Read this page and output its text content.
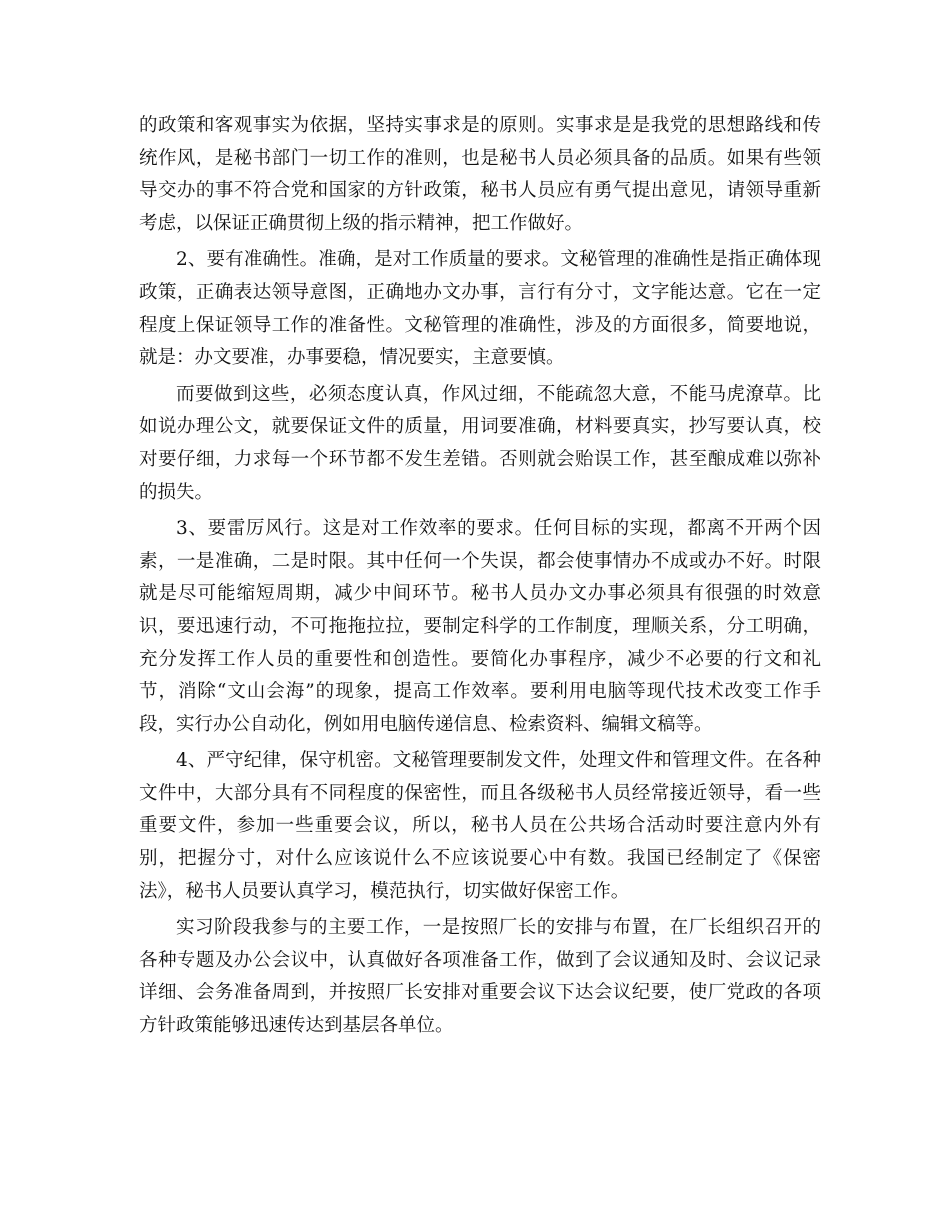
的政策和客观事实为依据，坚持实事求是的原则。实事求是是我党的思想路线和传统作风，是秘书部门一切工作的准则，也是秘书人员必须具备的品质。如果有些领导交办的事不符合党和国家的方针政策，秘书人员应有勇气提出意见，请领导重新考虑，以保证正确贯彻上级的指示精神，把工作做好。

2、要有准确性。准确，是对工作质量的要求。文秘管理的准确性是指正确体现政策，正确表达领导意图，正确地办文办事，言行有分寸，文字能达意。它在一定程度上保证领导工作的准备性。文秘管理的准确性，涉及的方面很多，简要地说，就是：办文要准，办事要稳，情况要实，主意要慎。

而要做到这些，必须态度认真，作风过细，不能疏忽大意，不能马虎潦草。比如说办理公文，就要保证文件的质量，用词要准确，材料要真实，抄写要认真，校对要仔细，力求每一个环节都不发生差错。否则就会贻误工作，甚至酿成难以弥补的损失。

3、要雷厉风行。这是对工作效率的要求。任何目标的实现，都离不开两个因素，一是准确，二是时限。其中任何一个失误，都会使事情办不成或办不好。时限就是尽可能缩短周期，减少中间环节。秘书人员办文办事必须具有很强的时效意识，要迅速行动，不可拖拖拉拉，要制定科学的工作制度，理顺关系，分工明确，充分发挥工作人员的重要性和创造性。要简化办事程序，减少不必要的行文和礼节，消除“文山会海”的现象，提高工作效率。要利用电脑等现代技术改变工作手段，实行办公自动化，例如用电脑传递信息、检索资料、编辑文稿等。

4、严守纪律，保守机密。文秘管理要制发文件，处理文件和管理文件。在各种文件中，大部分具有不同程度的保密性，而且各级秘书人员经常接近领导，看一些重要文件，参加一些重要会议，所以，秘书人员在公共场合活动时要注意内外有别，把握分寸，对什么应该说什么不应该说要心中有数。我国已经制定了《保密法》，秘书人员要认真学习，模范执行，切实做好保密工作。

实习阶段我参与的主要工作，一是按照厂长的安排与布置，在厂长组织召开的各种专题及办公会议中，认真做好各项准备工作，做到了会议通知及时、会议记录详细、会务准备周到，并按照厂长安排对重要会议下达会议纪要，使厂党政的各项方针政策能够迅速传达到基层各单位。
